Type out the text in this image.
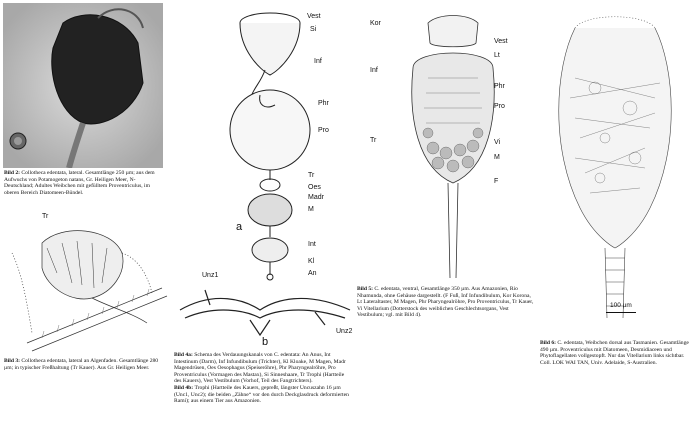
Bild 2: Collotheca edentata, lateral. Gesamtlänge 250 µm; aus dem Aufwuchs von Potamogeton natans, Gr. Heiligen Meer, N-Deutschland; Adultes Weibchen mit gefülltem Proventriculus, im oberen Bereich Diatomeen-Bündel.
Tr
Bild 3: Collotheca edentata, lateral an Algenfaden. Gesamtlänge 280 µm; in typischer Freßhaltung (Tr Kauer). Aus Gr. Heiligen Meer.
Vest
Si
Inf
Phr
Pro
Tr
Oes
Madr
M
Int
Kl
An
a
Unz1
Unz2
b
Bild 4a: Schema des Verdauungskanals von C. edentata: An Anus, Int Intestinum (Darm), Inf Infundibulum (Trichter), Kl Kloake, M Magen, Madr Magendrüsen, Oes Oesophagus (Speiseröhre), Phr Pharyngealröhre, Pro Proventriculus (Vormagen des Mastax), Si Sinneshaare, Tr Trophi (Hartteile des Kauers), Vest Vestibulum (Vorhof, Teil des Fangtrichters).
Bild 4b: Trophi (Hartteile des Kauers, gepreßt, längster Uncuszahn 16 µm (Unc1, Unc2); die beiden „Zähne“ vor den durch Deckglasdruck deformierten Rami); aus einem Tier aus Amazonien.
Kor
Vest
Lt
Inf
Phr
Pro
Tr	Vi
M
F
Bild 5: C. edentata, ventral, Gesamtlänge 350 µm. Aus Amazonien, Rio Nhamunda, ohne Gehäuse dargestellt. (F Fuß, Inf Infundibulum, Kor Korona, Lt Lateraltaster, M Magen, Phr Pharyngealröhre, Pro Proventriculus, Tr Kauer, Vi Vitellarium (Dotterstock des weiblichen Geschlechtsorgans, Vest Vestibulum; vgl. mit Bild 4).
100 µm
Bild 6: C. edentata, Weibchen dorsal aus Tasmanien. Gesamtlänge 490 µm. Proventriculus mit Diatomeen, Desmidiaceen und Phytoflagellaten vollgestopft. Nur das Vitellarium links sichtbar. Coll. LOK WAI TAN, Univ. Adelaide, S-Australien.
